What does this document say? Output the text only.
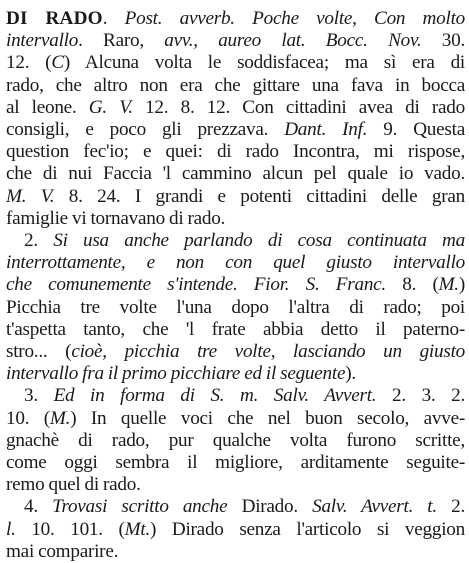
DI RADO. Post. avverb. Poche volte, Con molto
intervallo. Raro, avv., aureo lat. Bocc. Nov. 30.
12. (C) Alcuna volta le soddisfacea; ma sì era di
rado, che altro non era che gittare una fava in bocca
al leone. G. V. 12. 8. 12. Con cittadini avea di rado
consigli, e poco gli prezzava. Dant. Inf. 9. Questa
question fec'io; e quei: di rado Incontra, mi rispose,
che di nui Faccia 'l cammino alcun pel quale io vado.
M. V. 8. 24. I grandi e potenti cittadini delle gran
famiglie vi tornavano di rado.
2. Si usa anche parlando di cosa continuata ma
interrottamente, e non con quel giusto intervallo
che comunemente s'intende. Fior. S. Franc. 8. (M.)
Picchia tre volte l'una dopo l'altra di rado; poi
t'aspetta tanto, che 'l frate abbia detto il paterno-
stro... (cioè, picchia tre volte, lasciando un giusto
intervallo fra il primo picchiare ed il seguente).
3. Ed in forma di S. m. Salv. Avvert. 2. 3. 2.
10. (M.) In quelle voci che nel buon secolo, avve-
gnachè di rado, pur qualche volta furono scritte,
come oggi sembra il migliore, arditamente seguite-
remo quel di rado.
4. Trovasi scritto anche Dirado. Salv. Avvert. t. 2.
l. 10. 101. (Mt.) Dirado senza l'articolo si veggion
mai comparire.
